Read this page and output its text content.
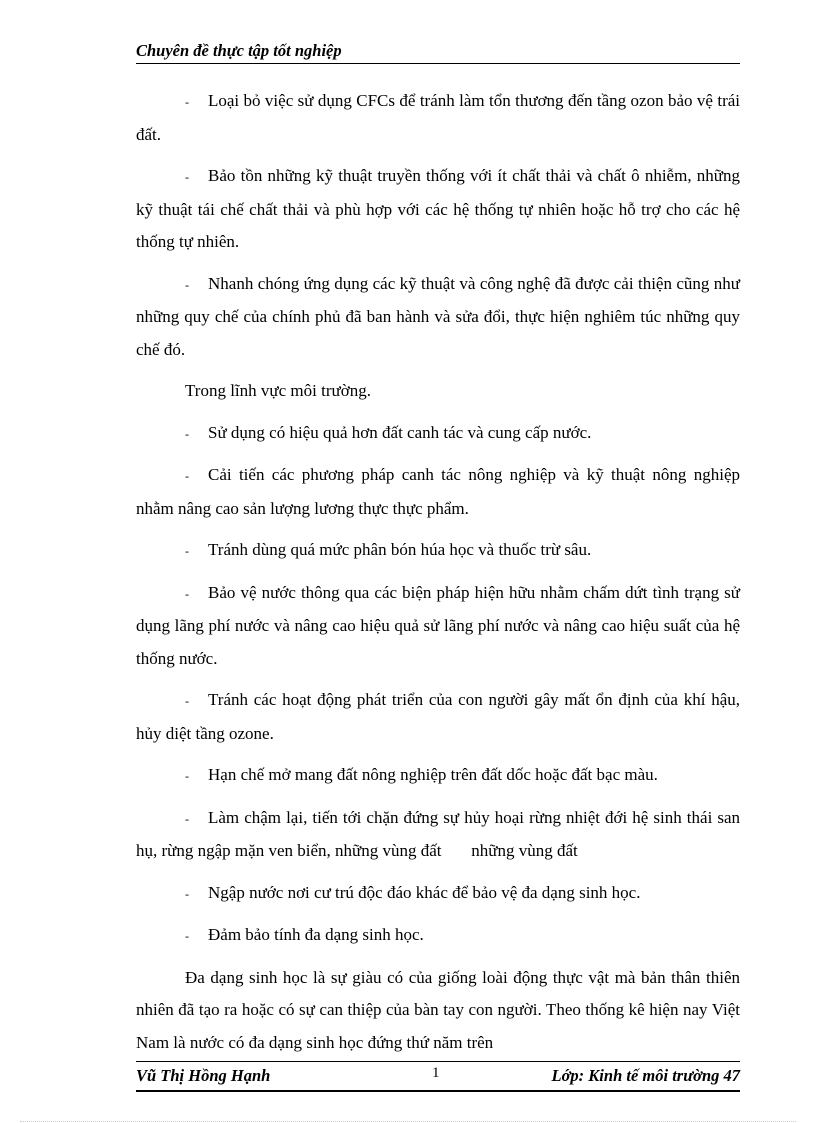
Chuyên đề thực tập tốt nghiệp

- Loại bỏ việc sử dụng CFCs để tránh làm tổn thương đến tầng ozon bảo vệ trái đất.

- Bảo tồn những kỹ thuật truyền thống với ít chất thải và chất ô nhiễm, những kỹ thuật tái chế chất thải và phù hợp với các hệ thống tự nhiên hoặc hỗ trợ cho các hệ thống tự nhiên.

- Nhanh chóng ứng dụng các kỹ thuật và công nghệ đã được cải thiện cũng như những quy chế của chính phủ đã ban hành và sửa đổi, thực hiện nghiêm túc những quy chế đó.

Trong lĩnh vực môi trường.

- Sử dụng có hiệu quả hơn đất canh tác và cung cấp nước.

- Cải tiến các phương pháp canh tác nông nghiệp và kỹ thuật nông nghiệp nhằm nâng cao sản lượng lương thực thực phẩm.

- Tránh dùng quá mức phân bón húa học và thuốc trừ sâu.

- Bảo vệ nước thông qua các biện pháp hiện hữu nhằm chấm dứt tình trạng sử dụng lãng phí nước và nâng cao hiệu quả sử lãng phí nước và nâng cao hiệu suất của hệ thống nước.

- Tránh các hoạt động phát triển của con người gây mất ổn định của khí hậu, hủy diệt tầng ozone.

- Hạn chế mở mang đất nông nghiệp trên đất dốc hoặc đất bạc màu.

- Làm chậm lại, tiến tới chặn đứng sự hủy hoại rừng nhiệt đới hệ sinh thái san hụ, rừng ngập mặn ven biển, những vùng đất       những vùng đất

- Ngập nước nơi cư trú độc đáo khác để bảo vệ đa dạng sinh học.

- Đảm bảo tính đa dạng sinh học.

Đa dạng sinh học là sự giàu có của giống loài động thực vật mà bản thân thiên nhiên đã tạo ra hoặc có sự can thiệp của bàn tay con người. Theo thống kê hiện nay Việt Nam là nước có đa dạng sinh học đứng thứ năm trên

Vũ Thị Hồng Hạnh	1	Lớp: Kinh tế môi trường 47
